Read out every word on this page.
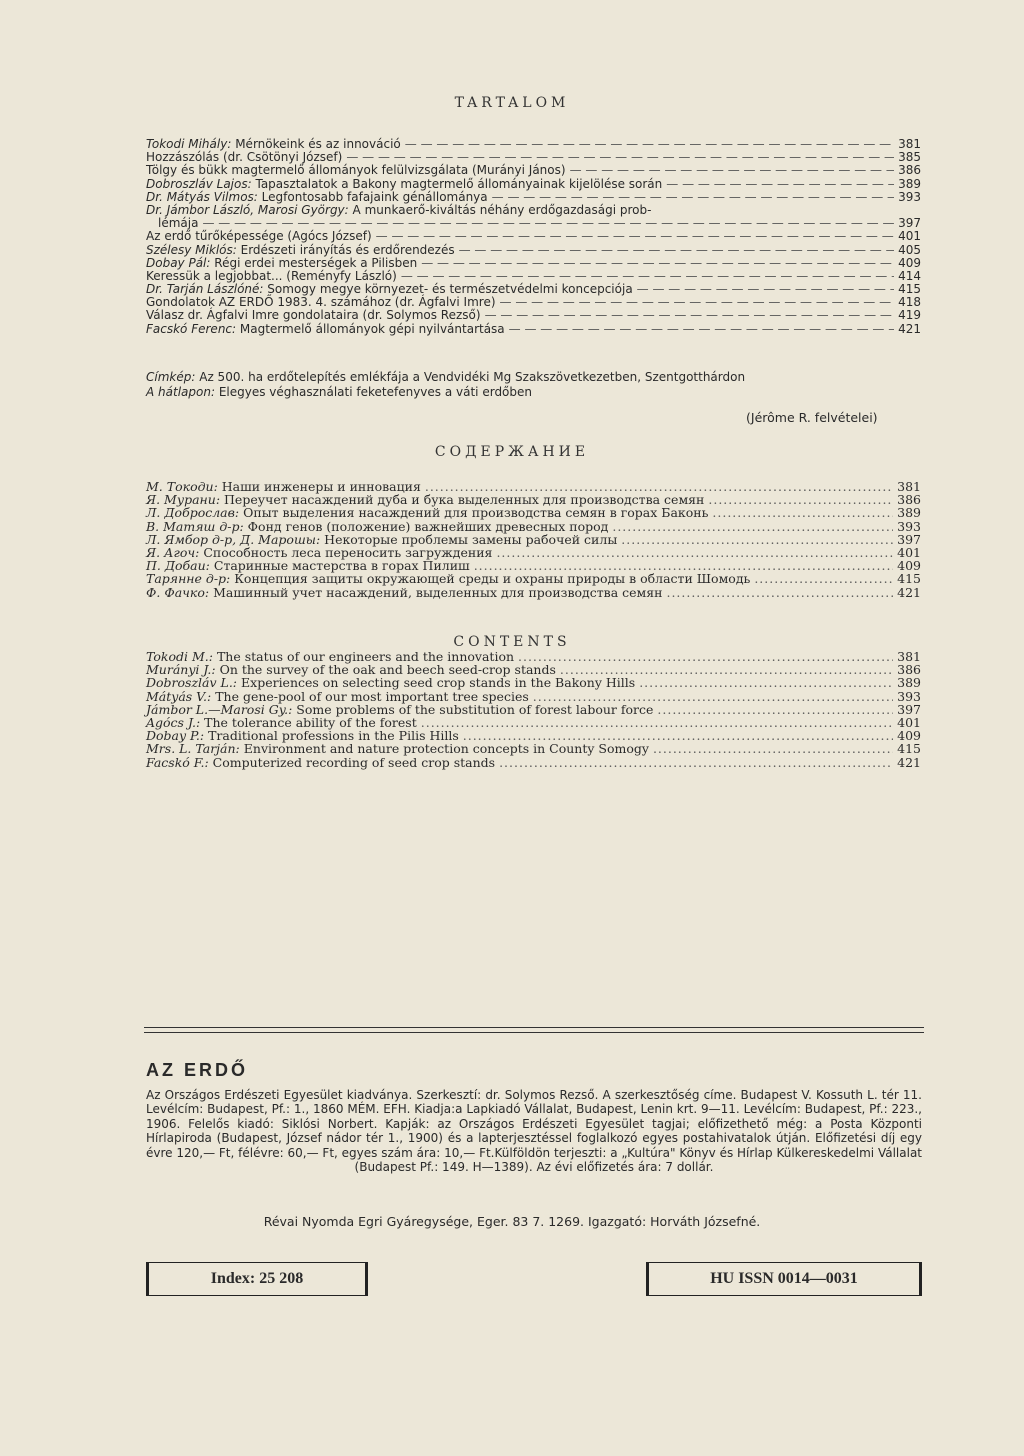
TARTALOM
Tokodi Mihály:
Mérnökeink és az innováció — — —	381
Hozzászólás (dr. Csötönyi József) — — —	385
Tölgy és bükk magtermelő állományok felülvizsgálata (Murányi János) — — —	386
Dobroszláv Lajos:
Tapasztalatok a Bakony magtermelő állományainak kijelölése során — — —	389
Dr. Mátyás Vilmos:
Legfontosabb fafajaink génállománya — — —	393
Dr. Jámbor László, Marosi György:
A munkaerő-kiváltás néhány erdőgazdasági prob-
lémája — — —	397
Az erdő tűrőképessége (Agócs József) — — —	401
Szélesy Miklós:
Erdészeti irányítás és erdőrendezés — — —	405
Dobay Pál:
Régi erdei mesterségek a Pilisben — — —	409
Keressük a legjobbat... (Reményfy László) — — —	414
Dr. Tarján Lászlóné:
Somogy megye környezet- és természetvédelmi koncepciója — — —	415
Gondolatok AZ ERDŐ 1983. 4. számához (dr. Ágfalvi Imre) — — —	418
Válasz dr. Ágfalvi Imre gondolataira (dr. Solymos Rezső) — — —	419
Facskó Ferenc:
Magtermelő állományok gépi nyilvántartása — — —	421
Címkép: Az 500. ha erdőtelepítés emlékfája a Vendvidéki Mg Szakszövetkezetben, Szentgotthárdon
A hátlapon: Elegyes véghasználati feketefenyves a váti erdőben
(Jérôme R. felvételei)
СОДЕРЖАНИЕ
М. Токоди:
Наши инженеры и инновация .....	381
Я. Мурани:
Переучет насаждений дуба и бука выделенных для производства семян .....	386
Л. Доброслав:
Опыт выделения насаждений для производства семян в горах Баконь .....	389
В. Матяш д-р:
Фонд генов (положение) важнейших древесных пород .....	393
Л. Ямбор д-р, Д. Марошы:
Некоторые проблемы замены рабочей силы .....	397
Я. Агоч:
Способность леса переносить загруждения .....	401
П. Добаи:
Старинные мастерства в горах Пилиш .....	409
Тарянне д-р:
Концепция защиты окружающей среды и охраны природы в области Шомодь .....	415
Ф. Фачко:
Машинный учет насаждений, выделенных для производства семян .....	421
CONTENTS
Tokodi M.:
The status of our engineers and the innovation .....	381
Murányi J.:
On the survey of the oak and beech seed-crop stands .....	386
Dobroszláv L.:
Experiences on selecting seed crop stands in the Bakony Hills .....	389
Mátyás V.:
The gene-pool of our most important tree species .....	393
Jámbor L.—Marosi Gy.:
Some problems of the substitution of forest labour force .....	397
Agócs J.:
The tolerance ability of the forest .....	401
Dobay P.:
Traditional professions in the Pilis Hills .....	409
Mrs. L. Tarján:
Environment and nature protection concepts in County Somogy .....	415
Facskó F.:
Computerized recording of seed crop stands .....	421
AZ ERDŐ
Az Országos Erdészeti Egyesület kiadványa. Szerkesztí: dr. Solymos Rezső. A szerkesztőség címe. Budapest V. Kossuth L. tér 11. Levélcím: Budapest, Pf.: 1., 1860 MÉM. EFH. Kiadja:a Lapkiadó Vállalat, Budapest, Lenin krt. 9—11. Levélcím: Budapest, Pf.: 223., 1906. Felelős kiadó: Siklósi Norbert. Kapják: az Országos Erdészeti Egyesület tagjai; előfizethető még: a Posta Központi Hírlapiroda (Budapest, József nádor tér 1., 1900) és a lapterjesztéssel foglalkozó egyes postahivatalok útján. Előfizetési díj egy évre 120,— Ft, félévre: 60,— Ft, egyes szám ára: 10,— Ft.Külföldön terjeszti: a „Kultúra" Könyv és Hírlap Külkereskedelmi Vállalat (Budapest Pf.: 149. H—1389). Az évi előfizetés ára: 7 dollár.
Révai Nyomda Egri Gyáregysége, Eger. 83 7. 1269. Igazgató: Horváth Józsefné.
Index: 25 208	HU ISSN 0014—0031
